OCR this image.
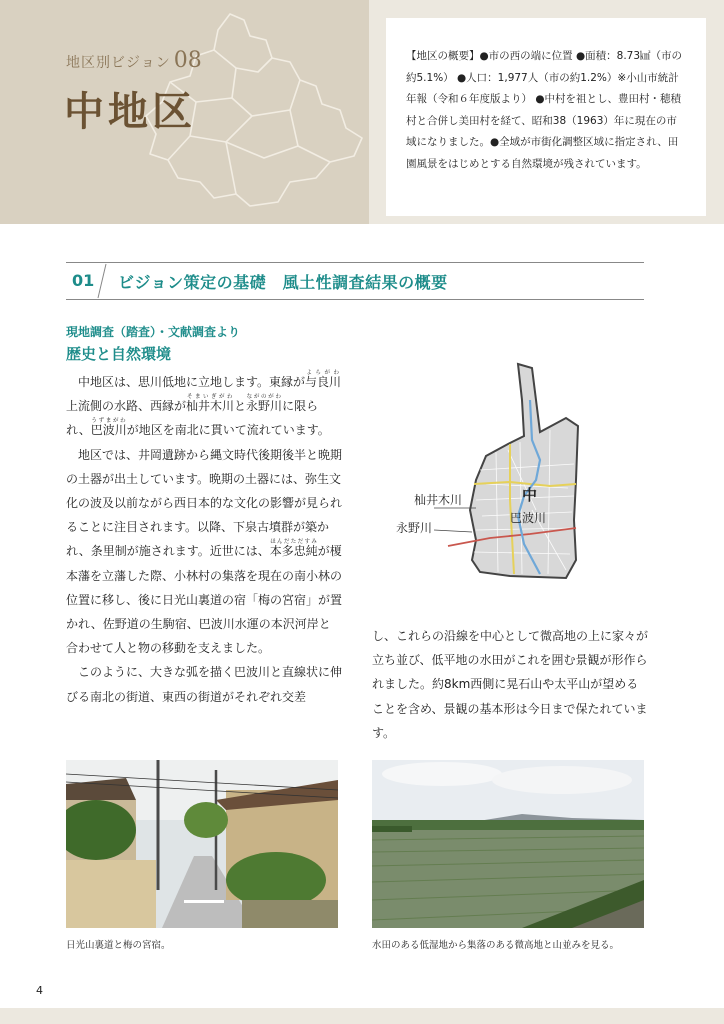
地区別ビジョン 08
中地区
【地区の概要】●市の西の端に位置 ●面積：8.73㎢（市の約5.1%） ●人口：1,977人（市の約1.2%）※小山市統計年報（令和６年度版より） ●中村を祖とし、豊田村・穂積村と合併し美田村を経て、昭和38（1963）年に現在の市域になりました。●全域が市街化調整区域に指定され、田園風景をはじめとする自然環境が残されています。
01 ビジョン策定の基礎　風土性調査結果の概要
現地調査（踏査）・文献調査より
歴史と自然環境

中地区は、思川低地に立地します。東縁が与良川よらがわ上流側の水路、西縁が杣井木川そまいぎがわと永野川ながのがわに限られ、巴波川うずまがわが地区を南北に貫いて流れています。

地区では、井岡遺跡から縄文時代後期後半と晩期の土器が出土しています。晩期の土器には、弥生文化の波及以前ながら西日本的な文化の影響が見られることに注目されます。以降、下泉古墳群が築かれ、条里制が施されます。近世には、本多忠純ほんだただすみが榎本藩を立藩した際、小林村の集落を現在の南小林の位置に移し、後に日光山裏道の宿「梅の宮宿」が置かれ、佐野道の生駒宿、巴波川水運の本沢河岸と合わせて人と物の移動を支えました。

このように、大きな弧を描く巴波川と直線状に伸びる南北の街道、東西の街道がそれぞれ交差

中
杣井木川
永野川
巴波川

し、これらの沿線を中心として微高地の上に家々が立ち並び、低平地の水田がこれを囲む景観が形作られました。約8km西側に晃石山や太平山が望めることを含め、景観の基本形は今日まで保たれています。

日光山裏道と梅の宮宿。	水田のある低湿地から集落のある微高地と山並みを見る。
4
